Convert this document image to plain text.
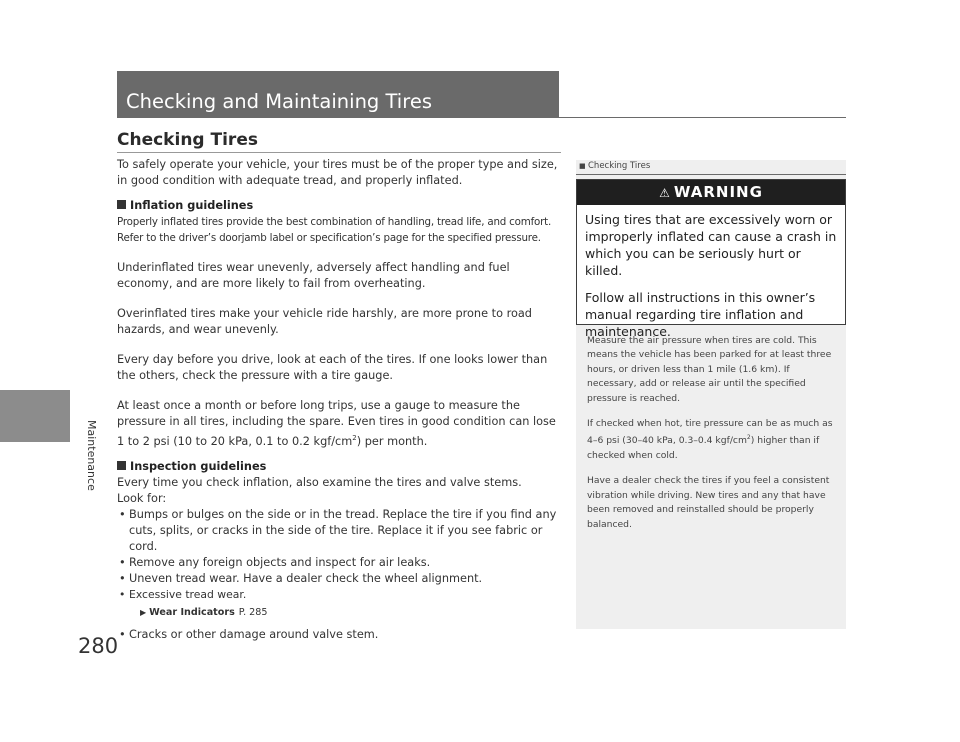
Maintenance
280
Checking and Maintaining Tires
Checking Tires

To safely operate your vehicle, your tires must be of the proper type and size, in good condition with adequate tread, and properly inflated.

Inflation guidelines

Properly inflated tires provide the best combination of handling, tread life, and comfort.

Refer to the driver’s doorjamb label or specification’s page for the specified pressure.

Underinflated tires wear unevenly, adversely affect handling and fuel economy, and are more likely to fail from overheating.

Overinflated tires make your vehicle ride harshly, are more prone to road hazards, and wear unevenly.

Every day before you drive, look at each of the tires. If one looks lower than the others, check the pressure with a tire gauge.

At least once a month or before long trips, use a gauge to measure the pressure in all tires, including the spare. Even tires in good condition can lose 1 to 2 psi (10 to 20 kPa, 0.1 to 0.2 kgf/$cm^2$) per month.

Inspection guidelines

Every time you check inflation, also examine the tires and valve stems.

Look for:

• Bumps or bulges on the side or in the tread. Replace the tire if you find any cuts, splits, or cracks in the side of the tire. Replace it if you see fabric or cord.
• Remove any foreign objects and inspect for air leaks.
• Uneven tread wear. Have a dealer check the wheel alignment.
• Excessive tread wear.
▶ Wear Indicators P. 285
• Cracks or other damage around valve stem.
■ Checking Tires
⚠ WARNING

Using tires that are excessively worn or improperly inflated can cause a crash in which you can be seriously hurt or killed.

Follow all instructions in this owner’s manual regarding tire inflation and maintenance.

Measure the air pressure when tires are cold. This means the vehicle has been parked for at least three hours, or driven less than 1 mile (1.6 km). If necessary, add or release air until the specified pressure is reached.

If checked when hot, tire pressure can be as much as 4–6 psi (30–40 kPa, 0.3–0.4 kgf/$cm^2$) higher than if checked when cold.

Have a dealer check the tires if you feel a consistent vibration while driving. New tires and any that have been removed and reinstalled should be properly balanced.
